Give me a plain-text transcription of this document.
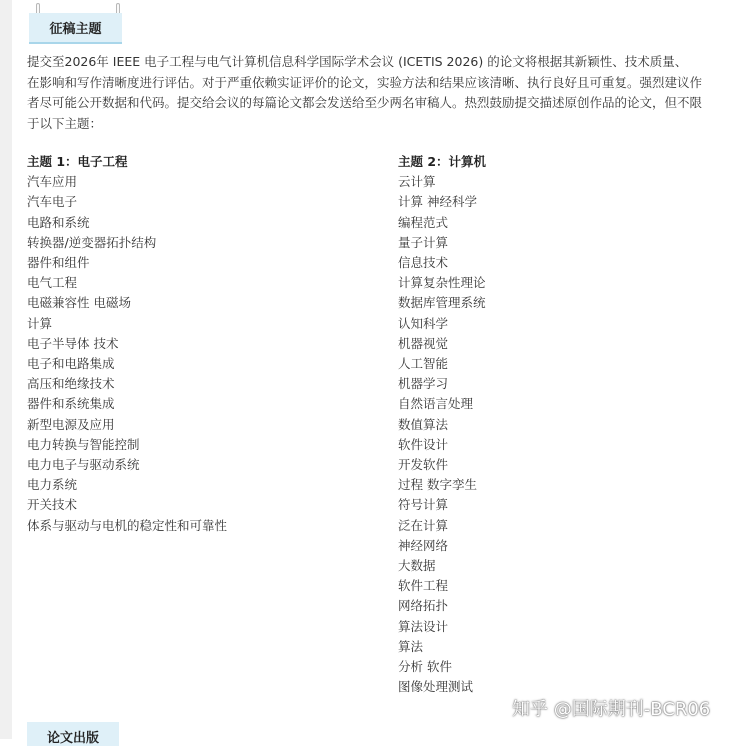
征稿主题
提交至2026年 IEEE 电子工程与电气计算机信息科学国际学术会议 (ICETIS 2026) 的论文将根据其新颖性、技术质量、
在影响和写作清晰度进行评估。对于严重依赖实证评价的论文，实验方法和结果应该清晰、执行良好且可重复。强烈建议作
者尽可能公开数据和代码。提交给会议的每篇论文都会发送给至少两名审稿人。热烈鼓励提交描述原创作品的论文，但不限
于以下主题：
主题 1：电子工程
汽车应用
汽车电子
电路和系统
转换器/逆变器拓扑结构
器件和组件
电气工程
电磁兼容性 电磁场
计算
电子半导体 技术
电子和电路集成
高压和绝缘技术
器件和系统集成
新型电源及应用
电力转换与智能控制
电力电子与驱动系统
电力系统
开关技术
体系与驱动与电机的稳定性和可靠性
主题 2：计算机
云计算
计算 神经科学
编程范式
量子计算
信息技术
计算复杂性理论
数据库管理系统
认知科学
机器视觉
人工智能
机器学习
自然语言处理
数值算法
软件设计
开发软件
过程 数字孪生
符号计算
泛在计算
神经网络
大数据
软件工程
网络拓扑
算法设计
算法
分析 软件
图像处理测试
知乎 @国际期刊-BCR06
论文出版
